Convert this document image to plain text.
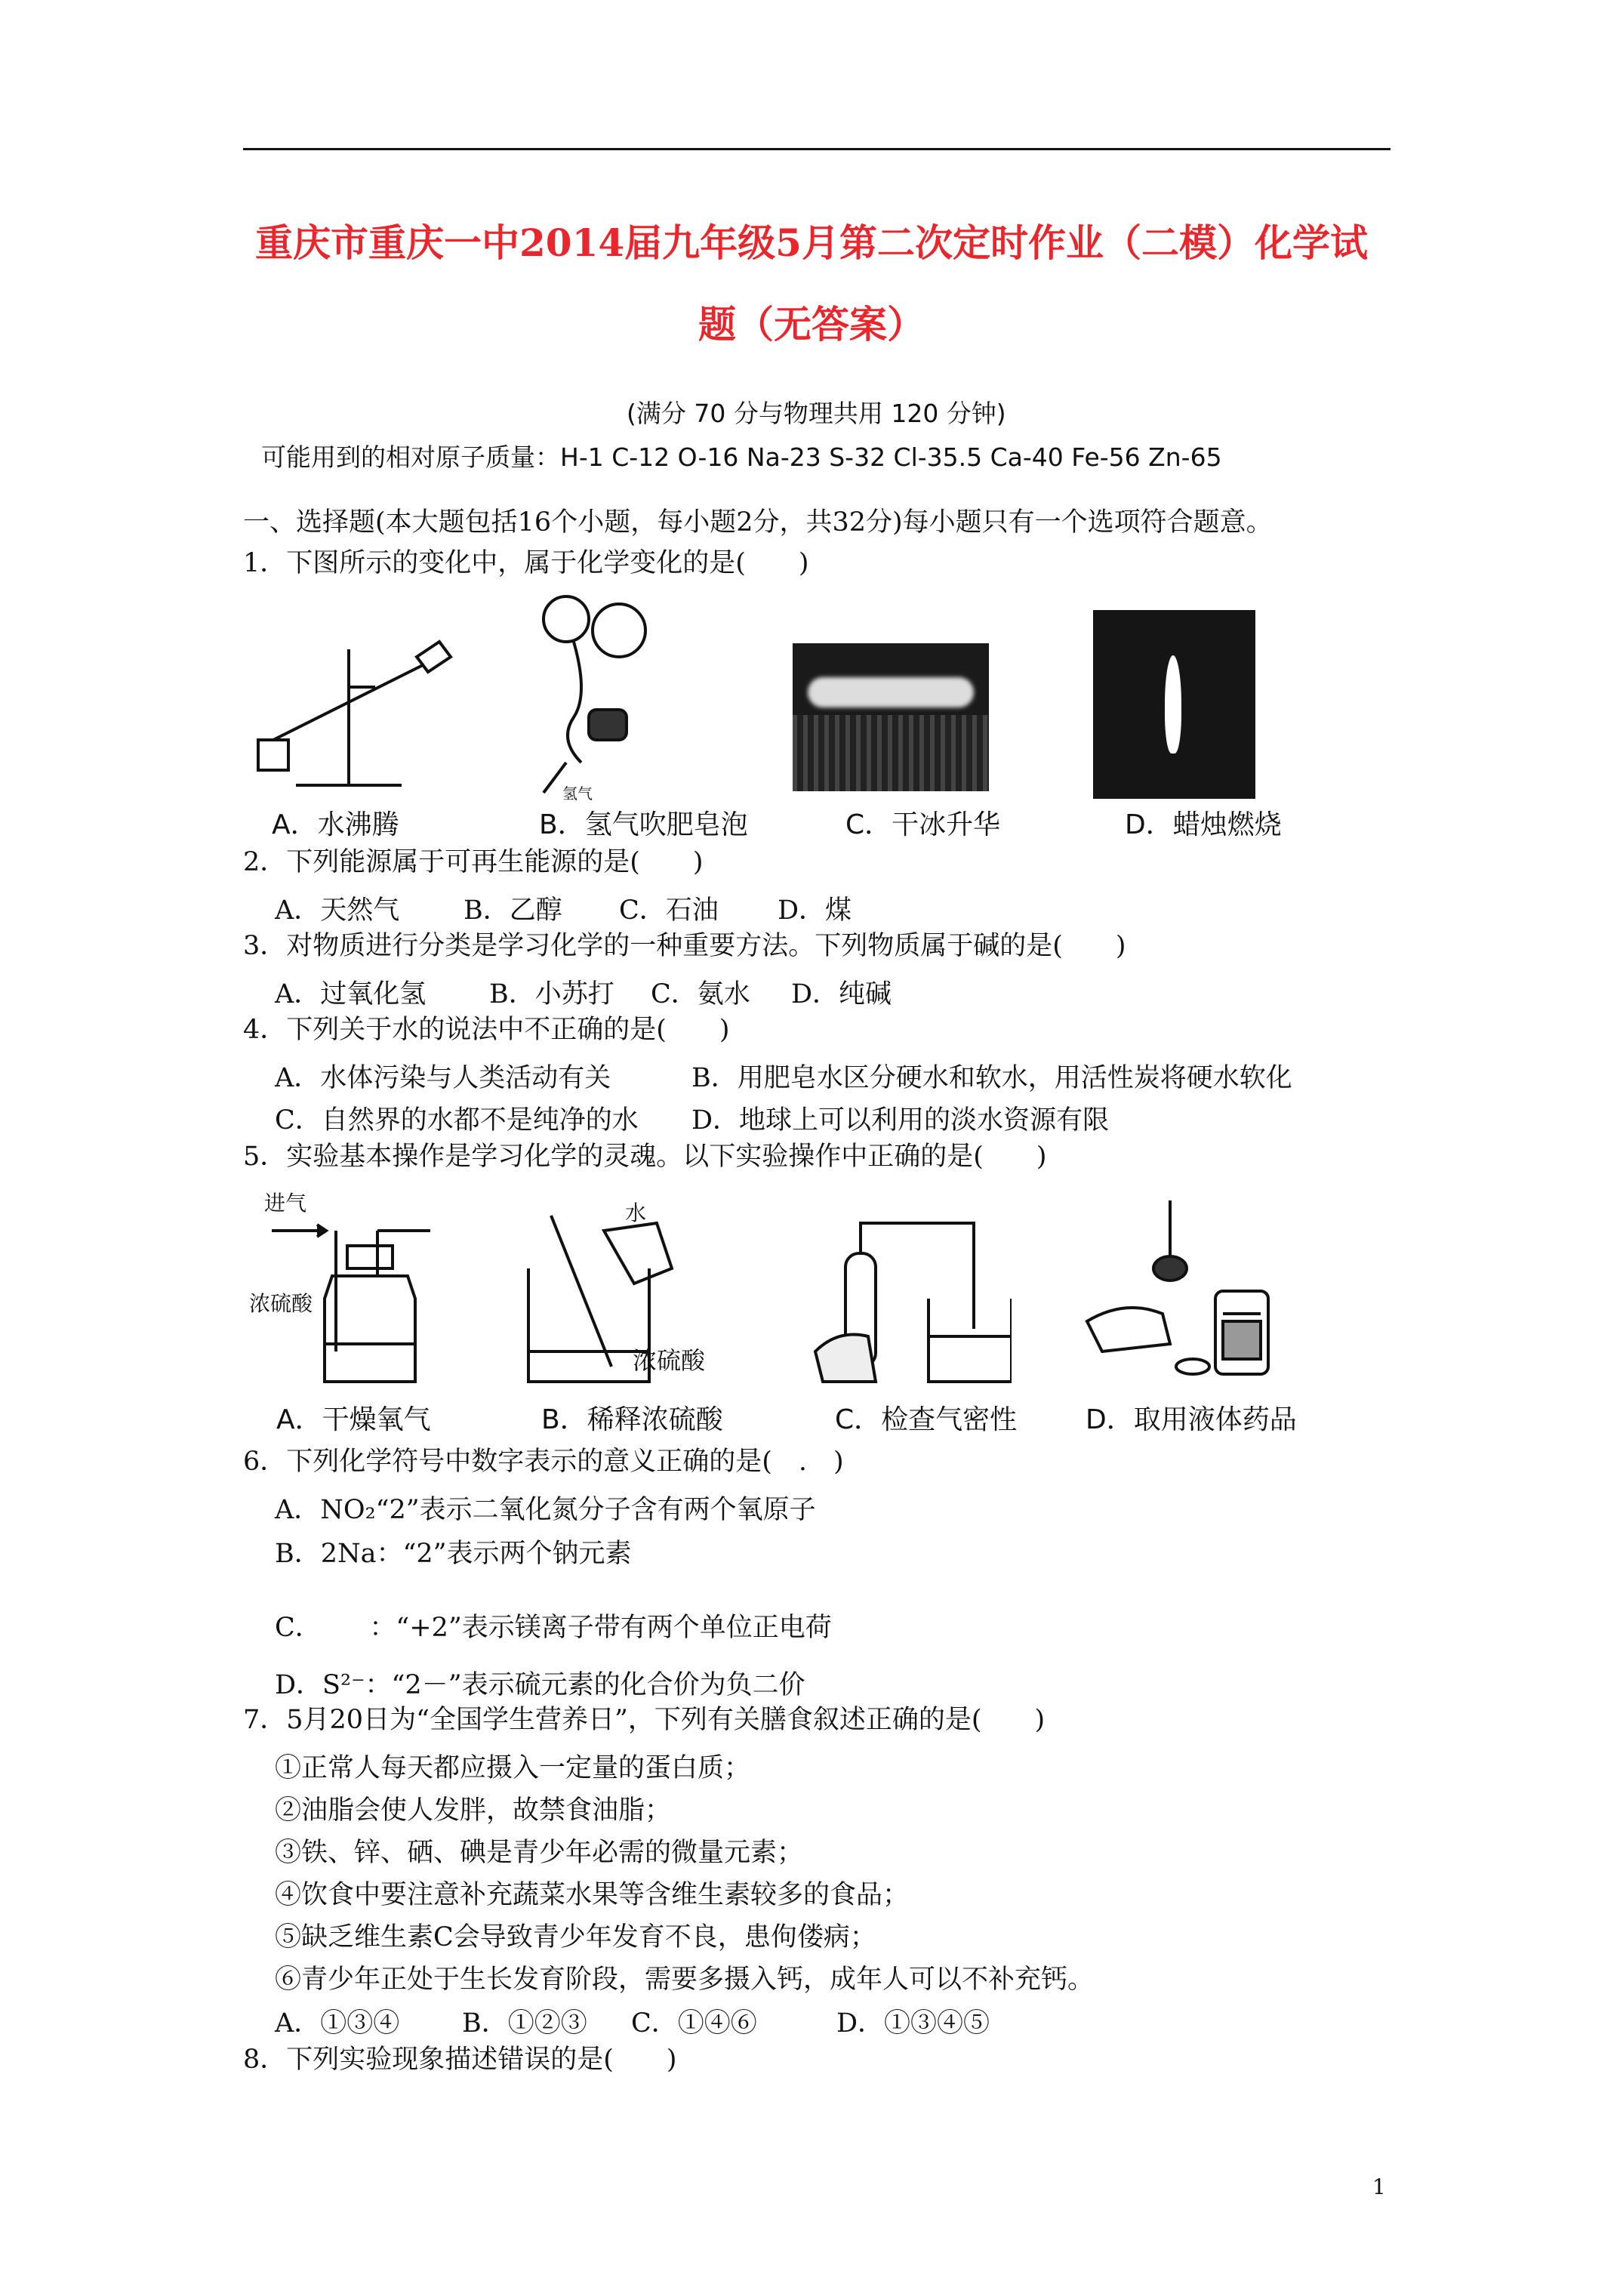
重庆市重庆一中2014届九年级5月第二次定时作业（二模）化学试
题（无答案）
(满分 70 分与物理共用 120 分钟)
可能用到的相对原子质量：H-1 C-12 O-16 Na-23 S-32 Cl-35.5 Ca-40 Fe-56 Zn-65
一、选择题(本大题包括16个小题，每小题2分，共32分)每小题只有一个选项符合题意。
1．下图所示的变化中，属于化学变化的是(　　)
氢气
A．水沸腾	B．氢气吹肥皂泡	C．干冰升华	D．蜡烛燃烧
2．下列能源属于可再生能源的是(　　)
A．天然气 B．乙醇 C．石油 D．煤
3．对物质进行分类是学习化学的一种重要方法。下列物质属于碱的是(　　)
A．过氧化氢 B．小苏打 C．氨水 D．纯碱
4．下列关于水的说法中不正确的是(　　)
A．水体污染与人类活动有关	B．用肥皂水区分硬水和软水，用活性炭将硬水软化
C．自然界的水都不是纯净的水 D．地球上可以利用的淡水资源有限
5．实验基本操作是学习化学的灵魂。以下实验操作中正确的是(　　)
进气
浓硫酸
水
浓硫酸
A．干燥氧气	B．稀释浓硫酸	C．检查气密性	D．取用液体药品
6．下列化学符号中数字表示的意义正确的是(　.　)
A．NO₂“2”表示二氧化氮分子含有两个氧原子
B．2Na：“2”表示两个钠元素
C．　　 ：“+2”表示镁离子带有两个单位正电荷
D．S²⁻：“2－”表示硫元素的化合价为负二价
7．5月20日为“全国学生营养日”，下列有关膳食叙述正确的是(　　)
①正常人每天都应摄入一定量的蛋白质；
②油脂会使人发胖，故禁食油脂；
③铁、锌、硒、碘是青少年必需的微量元素；
④饮食中要注意补充蔬菜水果等含维生素较多的食品；
⑤缺乏维生素C会导致青少年发育不良，患佝偻病；
⑥青少年正处于生长发育阶段，需要多摄入钙，成年人可以不补充钙。
A．①③④ B．①②③ C．①④⑥	D．①③④⑤
8．下列实验现象描述错误的是(　　)
1
